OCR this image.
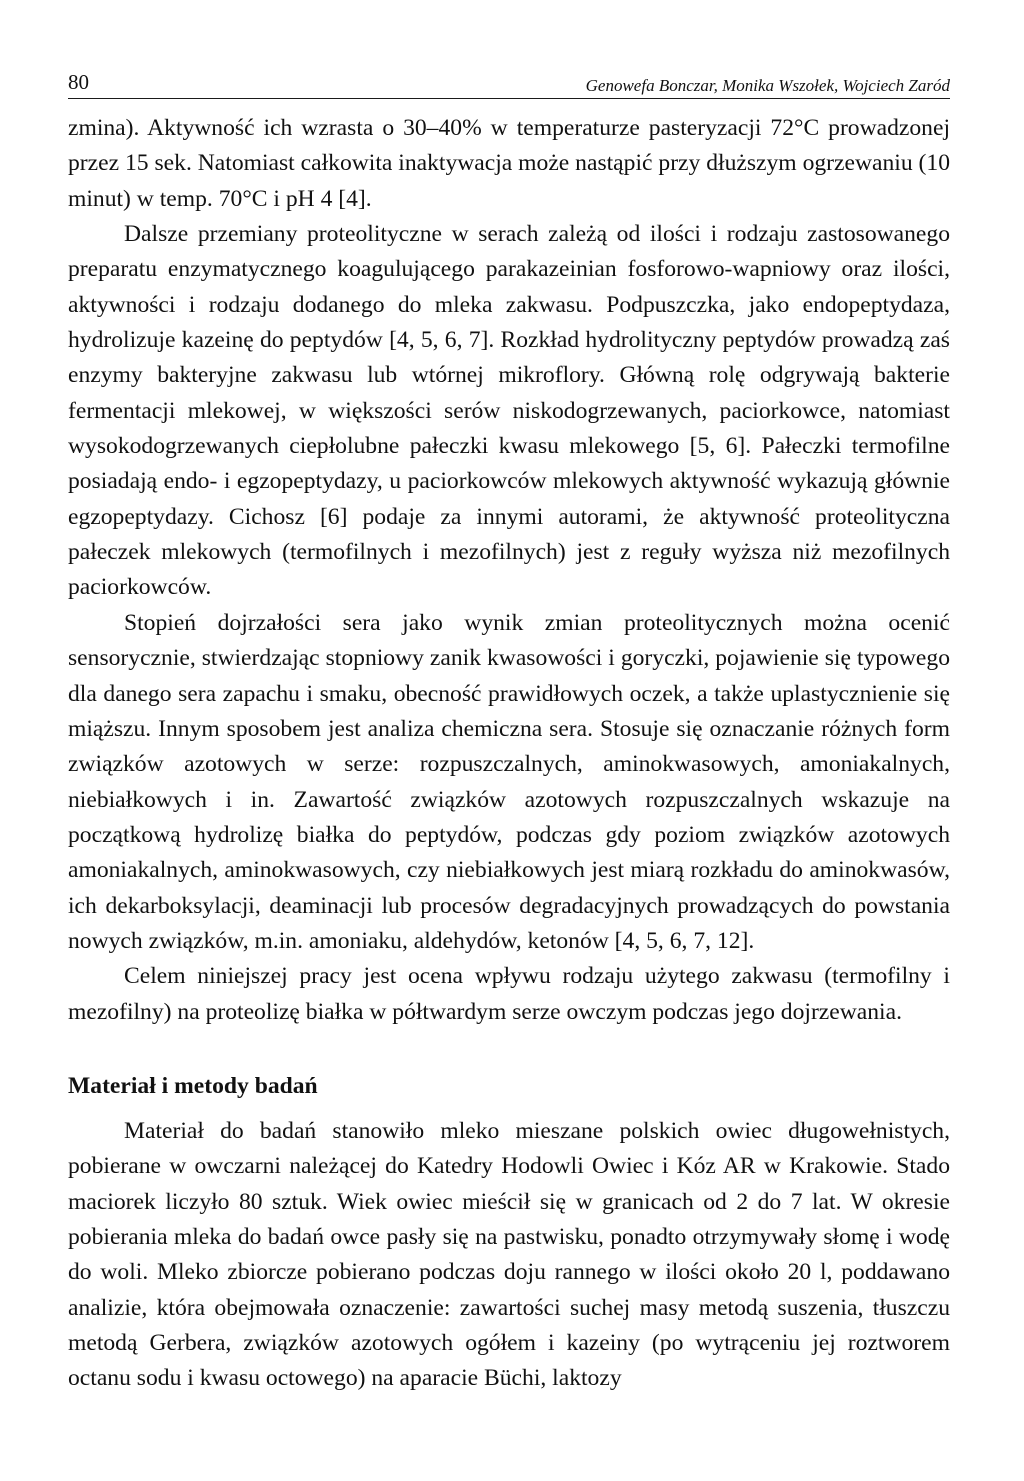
80	Genowefa Bonczar, Monika Wszołek, Wojciech Zaród

zmina). Aktywność ich wzrasta o 30–40% w temperaturze pasteryzacji 72°C prowadzonej przez 15 sek. Natomiast całkowita inaktywacja może nastąpić przy dłuższym ogrzewaniu (10 minut) w temp. 70°C i pH 4 [4].

Dalsze przemiany proteolityczne w serach zależą od ilości i rodzaju zastosowanego preparatu enzymatycznego koagulującego parakazeinian fosforowo-wapniowy oraz ilości, aktywności i rodzaju dodanego do mleka zakwasu. Podpuszczka, jako endopeptydaza, hydrolizuje kazeinę do peptydów [4, 5, 6, 7]. Rozkład hydrolityczny peptydów prowadzą zaś enzymy bakteryjne zakwasu lub wtórnej mikroflory. Główną rolę odgrywają bakterie fermentacji mlekowej, w większości serów niskodogrzewanych, paciorkowce, natomiast wysokodogrzewanych ciepłolubne pałeczki kwasu mlekowego [5, 6]. Pałeczki termofilne posiadają endo- i egzopeptydazy, u paciorkowców mlekowych aktywność wykazują głównie egzopeptydazy. Cichosz [6] podaje za innymi autorami, że aktywność proteolityczna pałeczek mlekowych (termofilnych i mezofilnych) jest z reguły wyższa niż mezofilnych paciorkowców.

Stopień dojrzałości sera jako wynik zmian proteolitycznych można ocenić sensorycznie, stwierdzając stopniowy zanik kwasowości i goryczki, pojawienie się typowego dla danego sera zapachu i smaku, obecność prawidłowych oczek, a także uplastycznienie się miąższu. Innym sposobem jest analiza chemiczna sera. Stosuje się oznaczanie różnych form związków azotowych w serze: rozpuszczalnych, aminokwasowych, amoniakalnych, niebiałkowych i in. Zawartość związków azotowych rozpuszczalnych wskazuje na początkową hydrolizę białka do peptydów, podczas gdy poziom związków azotowych amoniakalnych, aminokwasowych, czy niebiałkowych jest miarą rozkładu do aminokwasów, ich dekarboksylacji, deaminacji lub procesów degradacyjnych prowadzących do powstania nowych związków, m.in. amoniaku, aldehydów, ketonów [4, 5, 6, 7, 12].

Celem niniejszej pracy jest ocena wpływu rodzaju użytego zakwasu (termofilny i mezofilny) na proteolizę białka w półtwardym serze owczym podczas jego dojrzewania.

Materiał i metody badań

Materiał do badań stanowiło mleko mieszane polskich owiec długowełnistych, pobierane w owczarni należącej do Katedry Hodowli Owiec i Kóz AR w Krakowie. Stado maciorek liczyło 80 sztuk. Wiek owiec mieścił się w granicach od 2 do 7 lat. W okresie pobierania mleka do badań owce pasły się na pastwisku, ponadto otrzymywały słomę i wodę do woli. Mleko zbiorcze pobierano podczas doju rannego w ilości około 20 l, poddawano analizie, która obejmowała oznaczenie: zawartości suchej masy metodą suszenia, tłuszczu metodą Gerbera, związków azotowych ogółem i kazeiny (po wytrąceniu jej roztworem octanu sodu i kwasu octowego) na aparacie Büchi, laktozy
